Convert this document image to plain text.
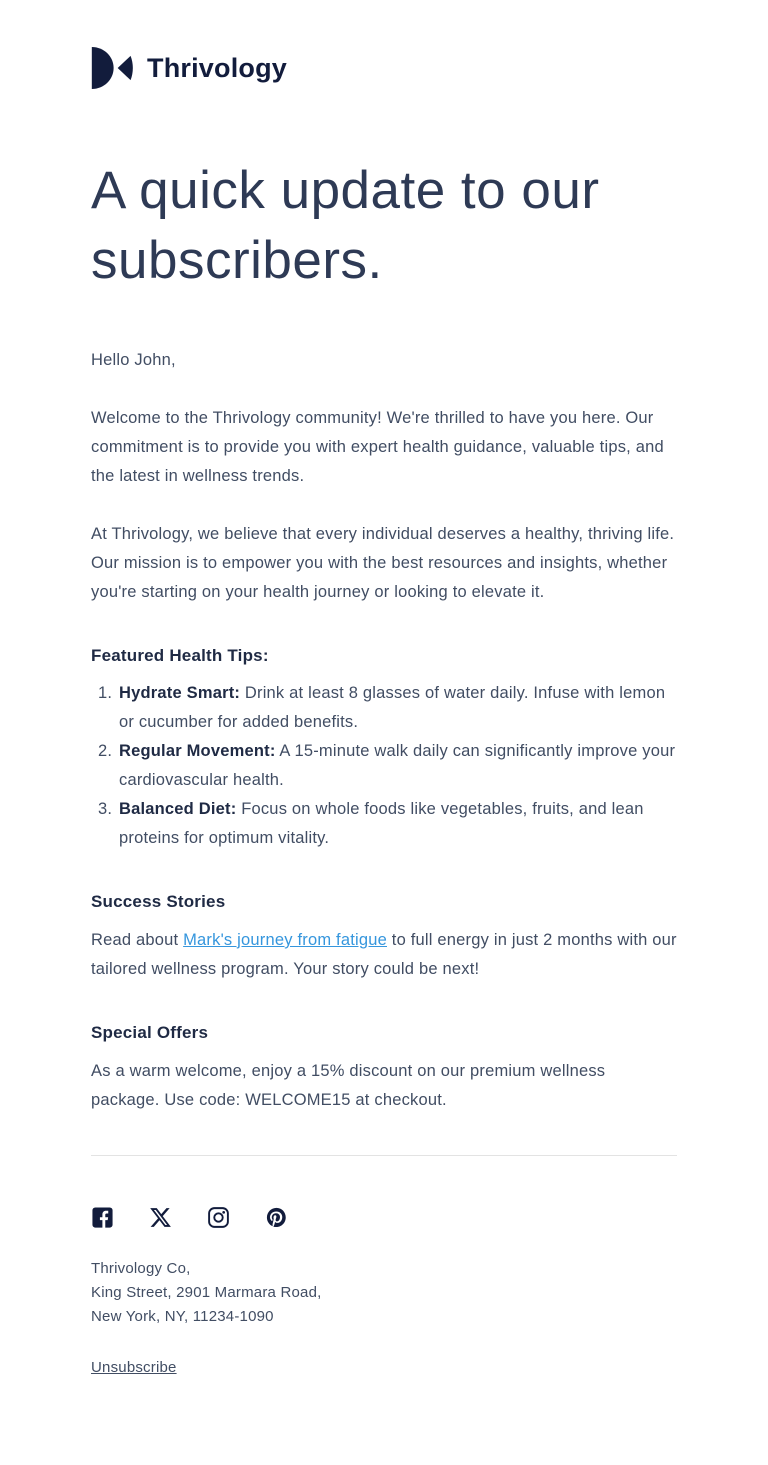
Thrivology
A quick update to our subscribers.

Hello John,

Welcome to the Thrivology community! We're thrilled to have you here. Our commitment is to provide you with expert health guidance, valuable tips, and the latest in wellness trends.

At Thrivology, we believe that every individual deserves a healthy, thriving life. Our mission is to empower you with the best resources and insights, whether you're starting on your health journey or looking to elevate it.

Featured Health Tips:
1. Hydrate Smart: Drink at least 8 glasses of water daily. Infuse with lemon or cucumber for added benefits.
2. Regular Movement: A 15-minute walk daily can significantly improve your cardiovascular health.
3. Balanced Diet: Focus on whole foods like vegetables, fruits, and lean proteins for optimum vitality.
Success Stories

Read about Mark's journey from fatigue to full energy in just 2 months with our tailored wellness program. Your story could be next!

Special Offers

As a warm welcome, enjoy a 15% discount on our premium wellness package. Use code: WELCOME15 at checkout.

Thrivology Co,
King Street, 2901 Marmara Road,
New York, NY, 11234-1090
Unsubscribe
